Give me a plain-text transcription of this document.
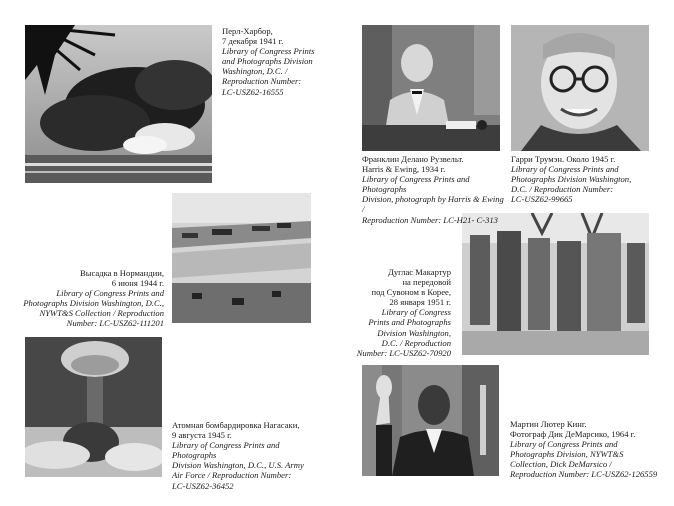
Перл-Харбор,
7 декабря 1941 г.
Library of Congress Prints
and Photographs Division
Washington, D.C. /
Reproduction Number:
LC-USZ62-16555
Высадка в Нормандии,
6 июня 1944 г.
Library of Congress Prints and
Photographs Division Washington, D.C.,
NYWT&S Collection / Reproduction
Number: LC-USZ62-111201
Атомная бомбардировка Нагасаки,
9 августа 1945 г.
Library of Congress Prints and Photographs
Division Washington, D.C., U.S. Army
Air Force / Reproduction Number:
LC-USZ62-36452
Франклин Делано Рузвельт.
Harris & Ewing, 1934 г.
Library of Congress Prints and Photographs
Division, photograph by Harris & Ewing /
Reproduction Number: LC-H21- C-313
Гарри Трумэн. Около 1945 г.
Library of Congress Prints and
Photographs Division Washington,
D.C. / Reproduction Number:
LC-USZ62-99665
Дуглас Макартур
на передовой
под Сувоном в Корее,
28 января 1951 г.
Library of Congress
Prints and Photographs
Division Washington,
D.C. / Reproduction
Number: LC-USZ62-70920
Мартин Лютер Кинг.
Фотограф Дик ДеМарсико, 1964 г.
Library of Congress Prints and
Photographs Division, NYWT&S
Collection, Dick DeMarsico /
Reproduction Number: LC-USZ62-126559
